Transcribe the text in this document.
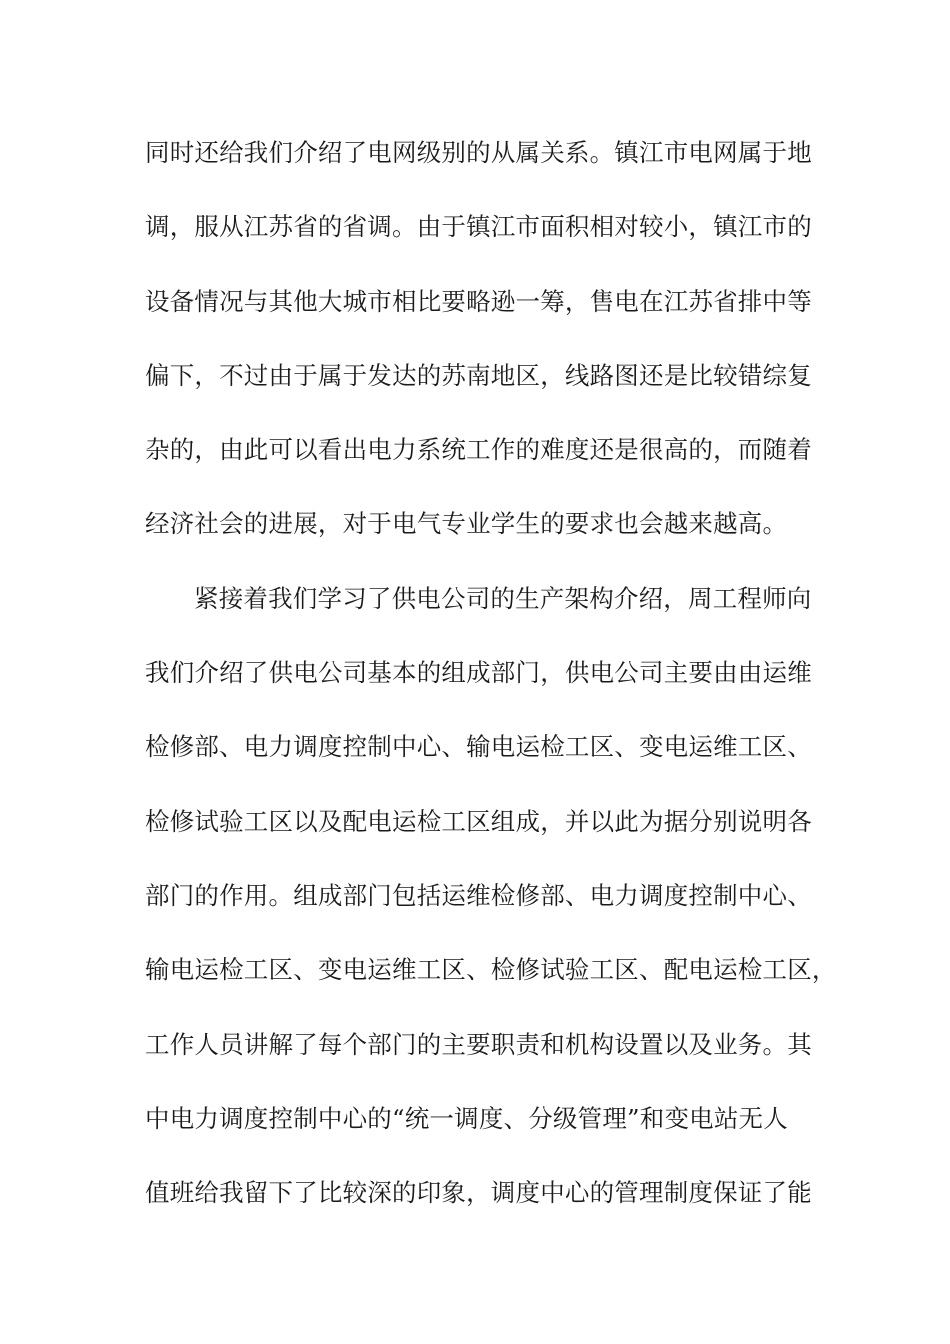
同时还给我们介绍了电网级别的从属关系。镇江市电网属于地
调，服从江苏省的省调。由于镇江市面积相对较小，镇江市的
设备情况与其他大城市相比要略逊一筹，售电在江苏省排中等
偏下，不过由于属于发达的苏南地区，线路图还是比较错综复
杂的，由此可以看出电力系统工作的难度还是很高的，而随着
经济社会的进展，对于电气专业学生的要求也会越来越高。
紧接着我们学习了供电公司的生产架构介绍，周工程师向
我们介绍了供电公司基本的组成部门，供电公司主要由由运维
检修部、电力调度控制中心、输电运检工区、变电运维工区、
检修试验工区以及配电运检工区组成，并以此为据分别说明各
部门的作用。组成部门包括运维检修部、电力调度控制中心、
输电运检工区、变电运维工区、检修试验工区、配电运检工区，
工作人员讲解了每个部门的主要职责和机构设置以及业务。其
中电力调度控制中心的“统一调度、分级管理”和变电站无人
值班给我留下了比较深的印象，调度中心的管理制度保证了能
